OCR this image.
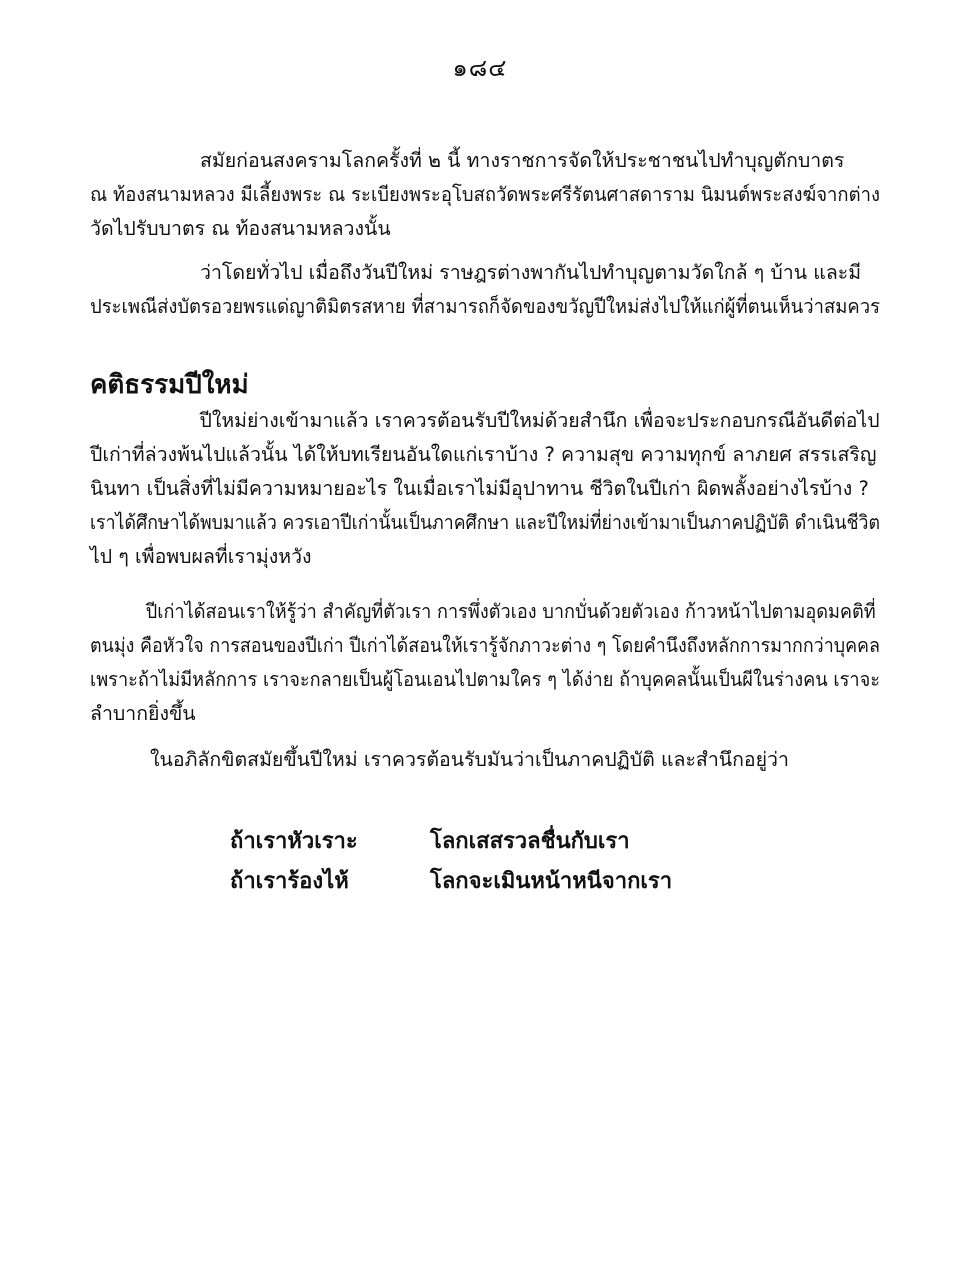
๑๘๔
สมัยก่อนสงครามโลกครั้งที่ ๒ นี้ ทางราชการจัดให้ประชาชนไปทำบุญตักบาตร
ณ ท้องสนามหลวง มีเลี้ยงพระ ณ ระเบียงพระอุโบสถวัดพระศรีรัตนศาสดาราม นิมนต์พระสงฆ์จากต่าง
วัดไปรับบาตร ณ ท้องสนามหลวงนั้น
ว่าโดยทั่วไป เมื่อถึงวันปีใหม่ ราษฎรต่างพากันไปทำบุญตามวัดใกล้ ๆ บ้าน และมี
ประเพณีส่งบัตรอวยพรแด่ญาติมิตรสหาย ที่สามารถก็จัดของขวัญปีใหม่ส่งไปให้แก่ผู้ที่ตนเห็นว่าสมควร
คติธรรมปีใหม่
ปีใหม่ย่างเข้ามาแล้ว เราควรต้อนรับปีใหม่ด้วยสำนึก เพื่อจะประกอบกรณีอันดีต่อไป
ปีเก่าที่ล่วงพ้นไปแล้วนั้น ได้ให้บทเรียนอันใดแก่เราบ้าง ? ความสุข ความทุกข์ ลาภยศ สรรเสริญ
นินทา เป็นสิ่งที่ไม่มีความหมายอะไร ในเมื่อเราไม่มีอุปาทาน ชีวิตในปีเก่า ผิดพลั้งอย่างไรบ้าง ?
เราได้ศึกษาได้พบมาแล้ว ควรเอาปีเก่านั้นเป็นภาคศึกษา และปีใหม่ที่ย่างเข้ามาเป็นภาคปฏิบัติ ดำเนินชีวิต
ไป ๆ เพื่อพบผลที่เรามุ่งหวัง
ปีเก่าได้สอนเราให้รู้ว่า สำคัญที่ตัวเรา การพึ่งตัวเอง บากบั่นด้วยตัวเอง ก้าวหน้าไปตามอุดมคติที่
ตนมุ่ง คือหัวใจ การสอนของปีเก่า ปีเก่าได้สอนให้เรารู้จักภาวะต่าง ๆ โดยคำนึงถึงหลักการมากกว่าบุคคล
เพราะถ้าไม่มีหลักการ เราจะกลายเป็นผู้โอนเอนไปตามใคร ๆ ได้ง่าย ถ้าบุคคลนั้นเป็นผีในร่างคน เราจะ
ลำบากยิ่งขึ้น
ในอภิลักขิตสมัยขึ้นปีใหม่ เราควรต้อนรับมันว่าเป็นภาคปฏิบัติ และสำนึกอยู่ว่า
ถ้าเราหัวเราะ	โลกเสสรวลชื่นกับเรา
ถ้าเราร้องไห้	โลกจะเมินหน้าหนีจากเรา
